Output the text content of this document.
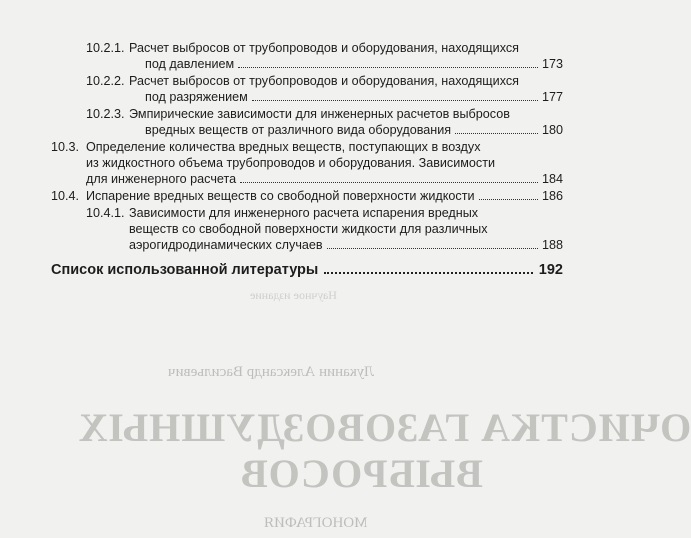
10.2.1. Расчет выбросов от трубопроводов и оборудования, находящихся
под давлением	173
10.2.2. Расчет выбросов от трубопроводов и оборудования, находящихся
под разряжением	177
10.2.3. Эмпирические зависимости для инженерных расчетов выбросов
вредных веществ от различного вида оборудования	180
10.3. Определение количества вредных веществ, поступающих в воздух
из жидкостного объема трубопроводов и оборудования. Зависимости
для инженерного расчета	184
10.4. Испарение вредных веществ со свободной поверхности жидкости	186
10.4.1. Зависимости для инженерного расчета испарения вредных
веществ со свободной поверхности жидкости для различных
аэрогидродинамических случаев	188
Список использованной литературы	192
Научное издание
Луканин Александр Васильевич
ОЧИСТКА ГАЗОВОЗДУШНЫХ
ВЫБРОСОВ
МОНОГРАФИЯ
